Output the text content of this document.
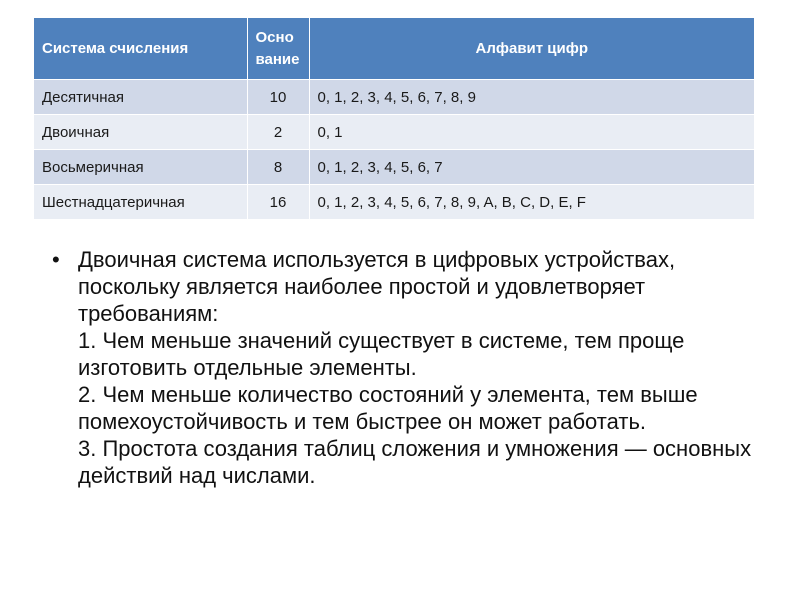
Система счисления	Осно вание	Алфавит цифр
Десятичная	10	0, 1, 2, 3, 4, 5, 6, 7, 8, 9
Двоичная	2	0, 1
Восьмеричная	8	0, 1, 2, 3, 4, 5, 6, 7
Шестнадцатеричная	16	0, 1, 2, 3, 4, 5, 6, 7, 8, 9, A, B, C, D, E, F
• Двоичная система используется в цифровых устройствах, поскольку является наиболее простой и удовлетворяет требованиям:
1. Чем меньше значений существует в системе, тем проще изготовить отдельные элементы.
2. Чем меньше количество состояний у элемента, тем выше помехоустойчивость и тем быстрее он может работать.
3. Простота создания таблиц сложения и умножения — основных действий над числами.
